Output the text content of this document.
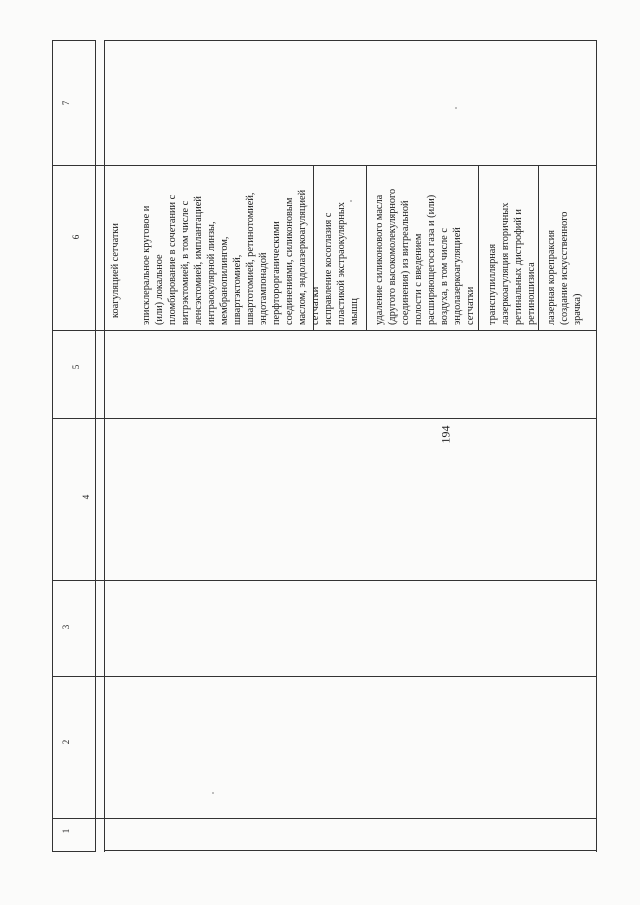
194
7
6
5
4
3
2
1
коагуляцией сетчатки эписклеральное круговое и (или) локальное пломбирование в сочетании с витрэктомией, в том числе с ленсэктомией, имплантацией интраокулярной линзы, мембранопилингом, швартэктомией, швартотомией, ретинотомией, эндотампонадой перфторорганическими соединениями, силиконовым маслом, эндолазеркоагуляцией сетчатки исправление косоглазия с пластикой экстраокулярных мышц удаление силиконового масла (другого высокомолекулярного соединения) из витреальной полости с введением расширяющегося газа и (или) воздуха, в том числе с эндолазеркоагуляцией сетчатки транспупиллярная лазеркоагуляция вторичных ретинальных дистрофий и ретиношизиса лазерная корепраксия (создание искусственного зрачка)
